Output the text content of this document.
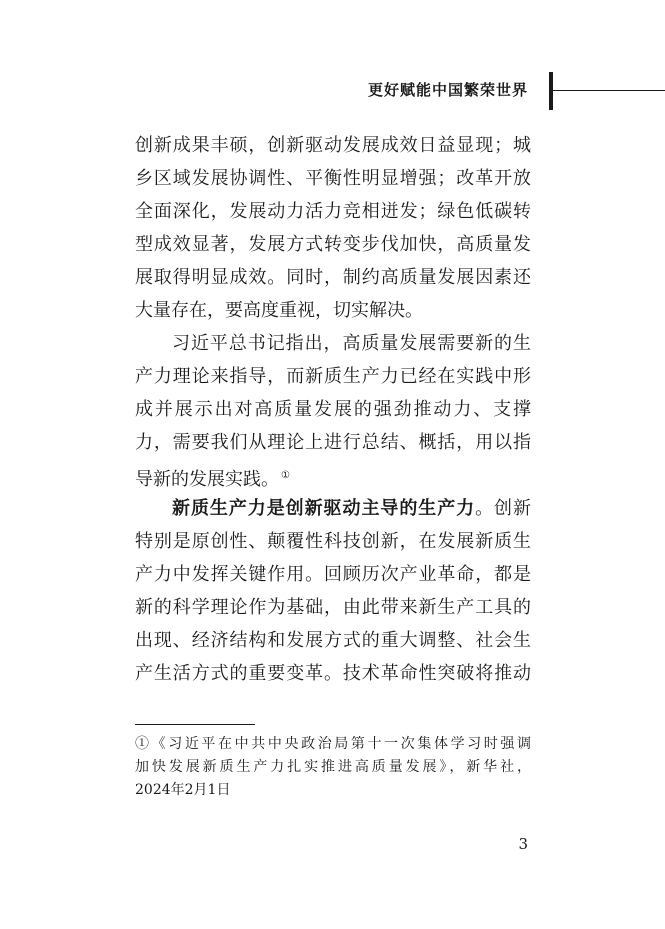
更好赋能中国繁荣世界
创新成果丰硕，创新驱动发展成效日益显现；城
乡区域发展协调性、平衡性明显增强；改革开放
全面深化，发展动力活力竞相迸发；绿色低碳转
型成效显著，发展方式转变步伐加快，高质量发
展取得明显成效。同时，制约高质量发展因素还
大量存在，要高度重视，切实解决。
习近平总书记指出，高质量发展需要新的生
产力理论来指导，而新质生产力已经在实践中形
成并展示出对高质量发展的强劲推动力、支撑
力，需要我们从理论上进行总结、概括，用以指
导新的发展实践。 ①
新质生产力是创新驱动主导的生产力。创新
特别是原创性、颠覆性科技创新，在发展新质生
产力中发挥关键作用。回顾历次产业革命，都是
新的科学理论作为基础，由此带来新生产工具的
出现、经济结构和发展方式的重大调整、社会生
产生活方式的重要变革。技术革命性突破将推动
①《习近平在中共中央政治局第十一次集体学习时强调
加快发展新质生产力扎实推进高质量发展》，新华社，
2024年2月1日
3
